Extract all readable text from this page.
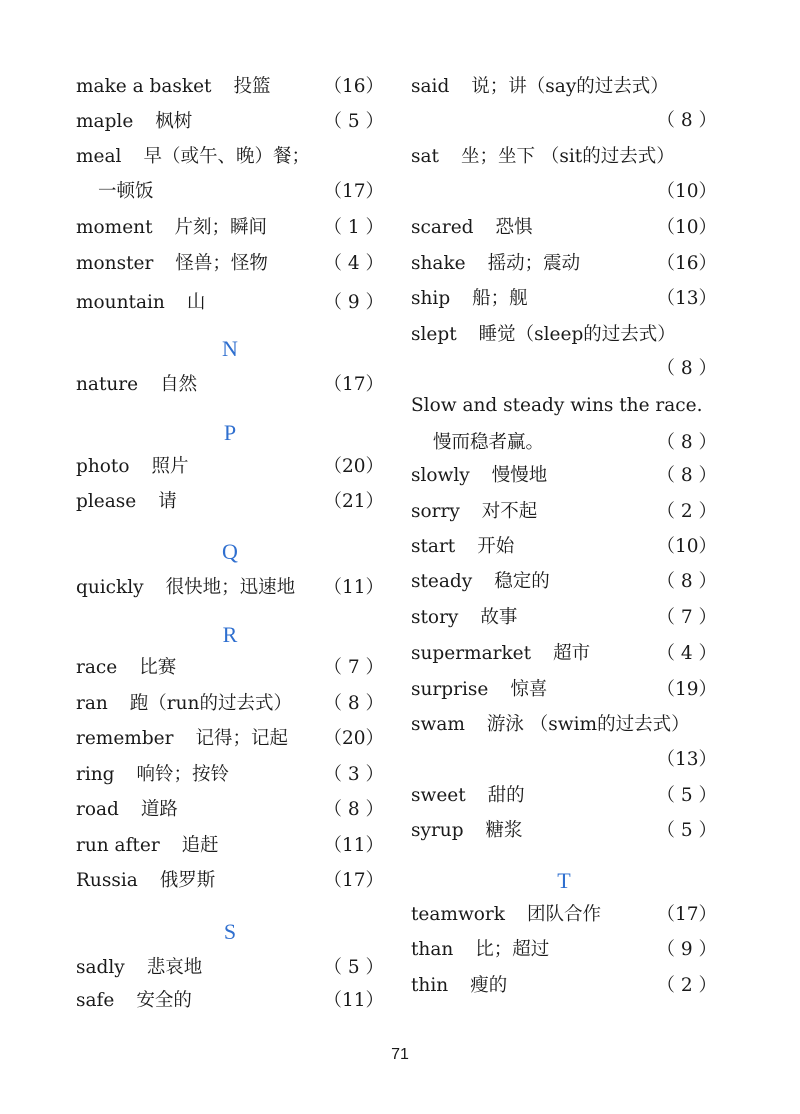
make a basket 投篮	（16）
maple 枫树	（ 5 ）
meal 早（或午、晚）餐；
一顿饭	（17）
moment 片刻；瞬间	（ 1 ）
monster 怪兽；怪物	（ 4 ）
mountain 山	（ 9 ）
N
nature 自然	（17）
P
photo 照片	（20）
please 请	（21）
Q
quickly 很快地；迅速地 （11）
R
race 比赛	（ 7 ）
ran 跑（run的过去式） （ 8 ）
remember 记得；记起 （20）
ring 响铃；按铃	（ 3 ）
road 道路	（ 8 ）
run after 追赶	（11）
Russia 俄罗斯	（17）
S
sadly 悲哀地	（ 5 ）
safe 安全的	（11）
said 说；讲（say的过去式）
（ 8 ）
sat 坐；坐下 （sit的过去式）
（10）
scared 恐惧	（10）
shake 摇动；震动	（16）
ship 船；舰	（13）
slept 睡觉（sleep的过去式）
（ 8 ）
Slow and steady wins the race.
慢而稳者赢。	（ 8 ）
slowly 慢慢地	（ 8 ）
sorry 对不起	（ 2 ）
start 开始	（10）
steady 稳定的	（ 8 ）
story 故事	（ 7 ）
supermarket 超市	（ 4 ）
surprise 惊喜	（19）
swam 游泳 （swim的过去式）
（13）
sweet 甜的	（ 5 ）
syrup 糖浆	（ 5 ）
T
teamwork 团队合作	（17）
than 比；超过	（ 9 ）
thin 瘦的	（ 2 ）
71
